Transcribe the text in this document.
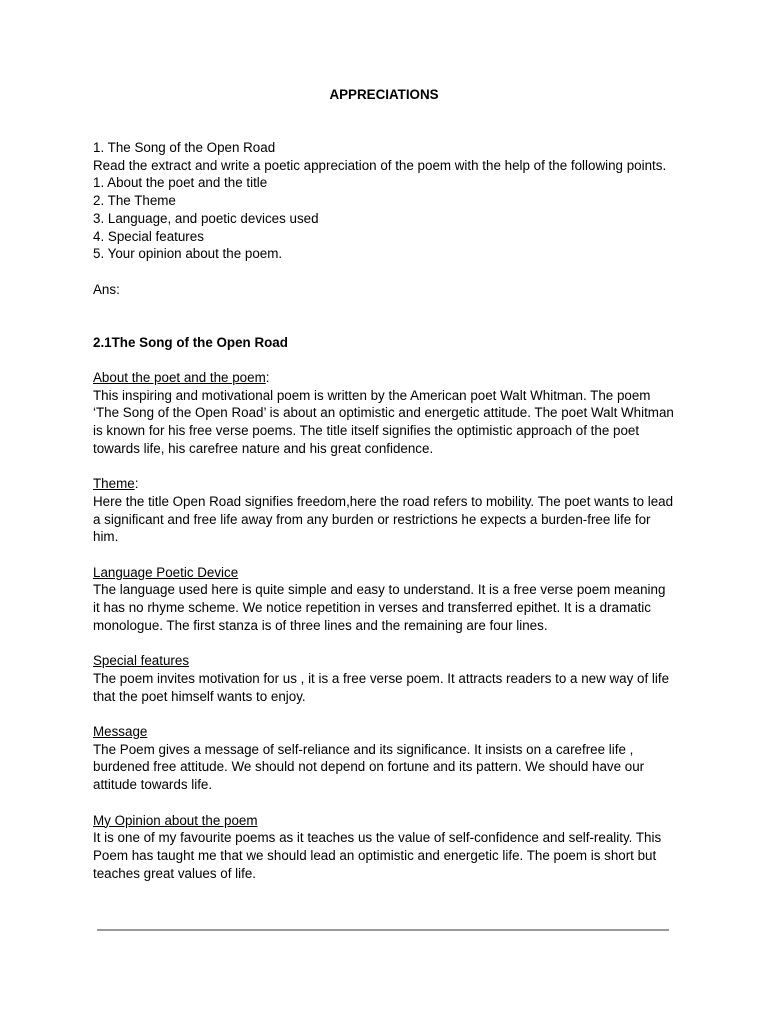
APPRECIATIONS

1. The Song of the Open Road

Read the extract and write a poetic appreciation of the poem with the help of the following points.

1. About the poet and the title

2. The Theme

3. Language, and poetic devices used

4. Special features

5. Your opinion about the poem.

Ans:

2.1The Song of the Open Road

About the poet and the poem:

This inspiring and motivational poem is written by the American poet Walt Whitman. The poem ‘The Song of the Open Road’ is about an optimistic and energetic attitude. The poet Walt Whitman is known for his free verse poems. The title itself signifies the optimistic approach of the poet towards life, his carefree nature and his great confidence.

Theme:

Here the title Open Road signifies freedom,here the road refers to mobility. The poet wants to lead a significant and free life away from any burden or restrictions he expects a burden-free life for him.

Language Poetic Device

The language used here is quite simple and easy to understand. It is a free verse poem meaning it has no rhyme scheme. We notice repetition in verses and transferred epithet. It is a dramatic monologue. The first stanza is of three lines and the remaining are four lines.

Special features

The poem invites motivation for us , it is a free verse poem. It attracts readers to a new way of life that the poet himself wants to enjoy.

Message

The Poem gives a message of self-reliance and its significance. It insists on a carefree life , burdened free attitude. We should not depend on fortune and its pattern. We should have our attitude towards life.

My Opinion about the poem

It is one of my favourite poems as it teaches us the value of self-confidence and self-reality. This Poem has taught me that we should lead an optimistic and energetic life. The poem is short but teaches great values of life.
